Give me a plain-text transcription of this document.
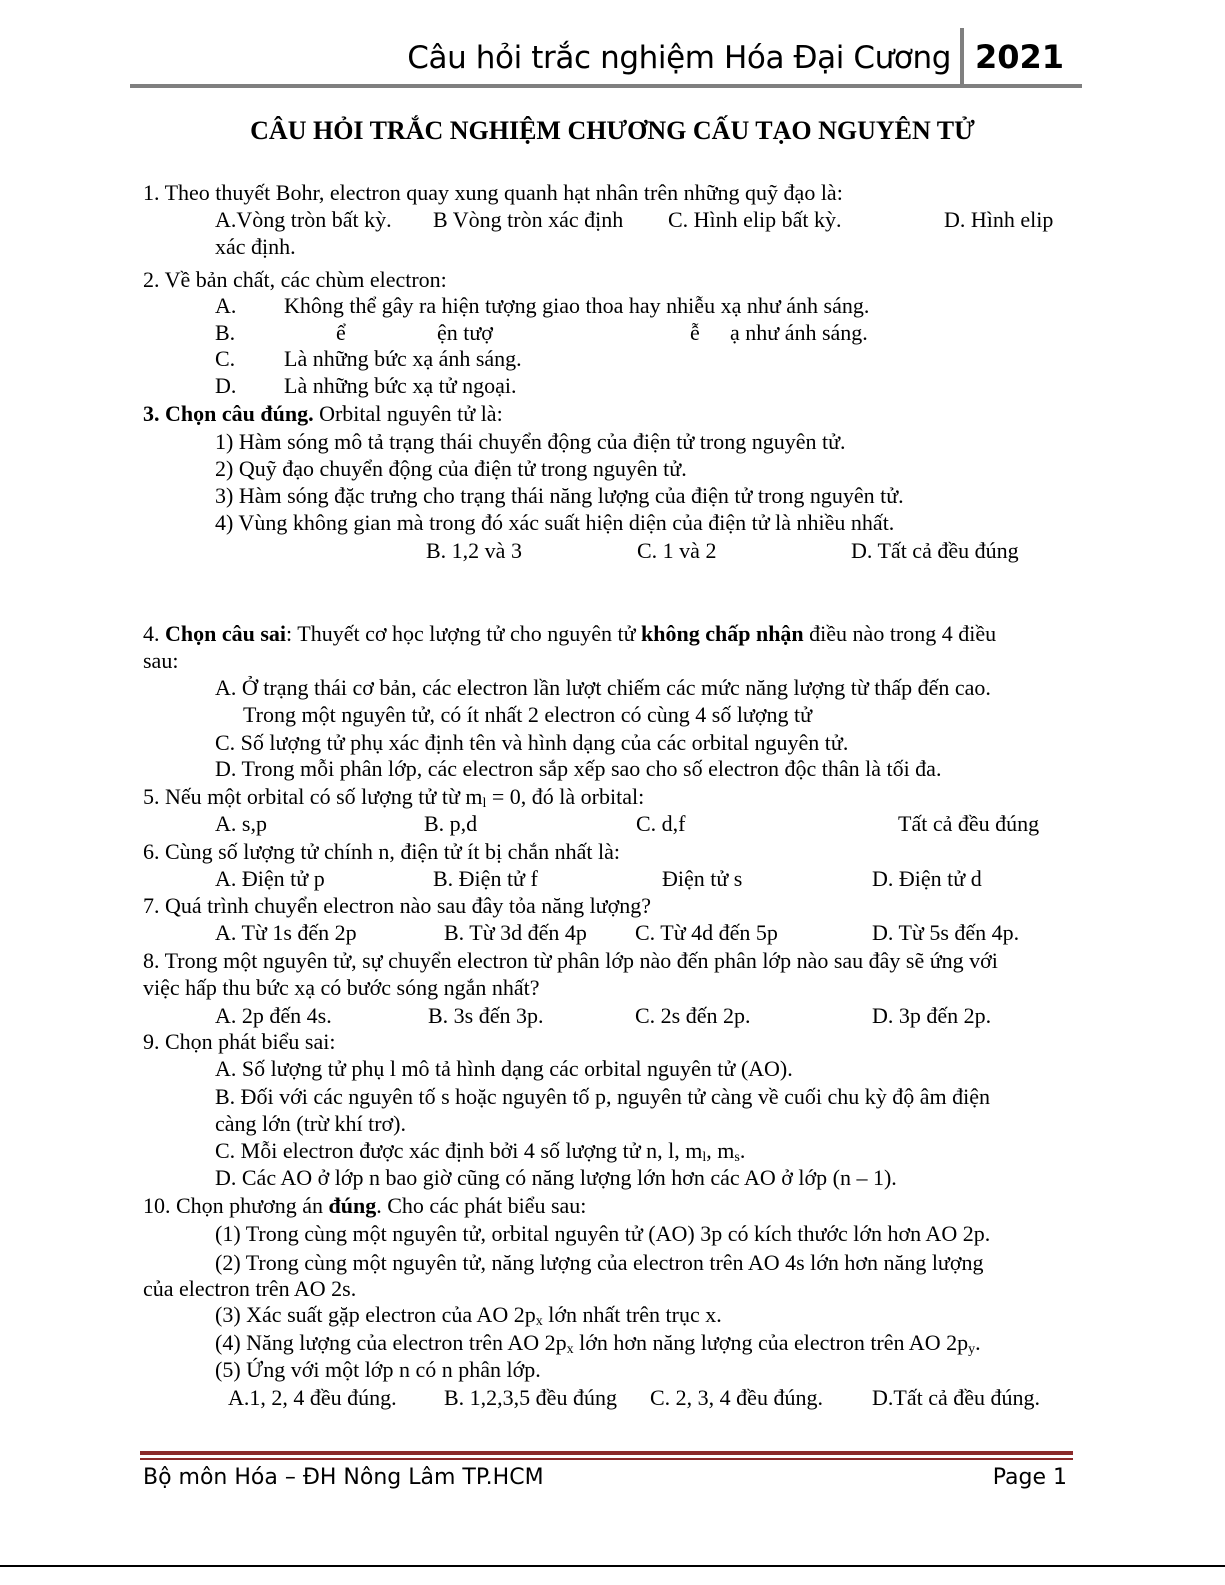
Câu hỏi trắc nghiệm Hóa Đại Cương 2021
CÂU HỎI TRẮC NGHIỆM CHƯƠNG CẤU TẠO NGUYÊN TỬ
1. Theo thuyết Bohr, electron quay xung quanh hạt nhân trên những quỹ đạo là:
A.Vòng tròn bất kỳ. B Vòng tròn xác định C. Hình elip bất kỳ.	D. Hình elip
xác định.
2. Về bản chất, các chùm electron:
A. Không thể gây ra hiện tượng giao thoa hay nhiễu xạ như ánh sáng.
B.	ể	ện tượ	ễ ạ như ánh sáng.
C. Là những bức xạ ánh sáng.
D. Là những bức xạ tử ngoại.
3. Chọn câu đúng. Orbital nguyên tử là:
1) Hàm sóng mô tả trạng thái chuyển động của điện tử trong nguyên tử.
2) Quỹ đạo chuyển động của điện tử trong nguyên tử.
3) Hàm sóng đặc trưng cho trạng thái năng lượng của điện tử trong nguyên tử.
4) Vùng không gian mà trong đó xác suất hiện diện của điện tử là nhiều nhất.
B. 1,2 và 3	C. 1 và 2	D. Tất cả đều đúng
4. Chọn câu sai: Thuyết cơ học lượng tử cho nguyên tử không chấp nhận điều nào trong 4 điều
sau:
A. Ở trạng thái cơ bản, các electron lần lượt chiếm các mức năng lượng từ thấp đến cao.
Trong một nguyên tử, có ít nhất 2 electron có cùng 4 số lượng tử
C. Số lượng tử phụ xác định tên và hình dạng của các orbital nguyên tử.
D. Trong mỗi phân lớp, các electron sắp xếp sao cho số electron độc thân là tối đa.
5. Nếu một orbital có số lượng tử từ $m_l = 0$, đó là orbital:
A. s,p	B. p,d	C. d,f	Tất cả đều đúng
6. Cùng số lượng tử chính n, điện tử ít bị chắn nhất là:
A. Điện tử p	B. Điện tử f	Điện tử s	D. Điện tử d
7. Quá trình chuyển electron nào sau đây tỏa năng lượng?
A. Từ 1s đến 2p	B. Từ 3d đến 4p C. Từ 4d đến 5p	D. Từ 5s đến 4p.
8. Trong một nguyên tử, sự chuyển electron từ phân lớp nào đến phân lớp nào sau đây sẽ ứng với
việc hấp thu bức xạ có bước sóng ngắn nhất?
A. 2p đến 4s.	B. 3s đến 3p.	C. 2s đến 2p.	D. 3p đến 2p.
9. Chọn phát biểu sai:
A. Số lượng tử phụ l mô tả hình dạng các orbital nguyên tử (AO).
B. Đối với các nguyên tố s hoặc nguyên tố p, nguyên tử càng về cuối chu kỳ độ âm điện
càng lớn (trừ khí trơ).
C. Mỗi electron được xác định bởi 4 số lượng tử n, l, $m_l$, $m_s$.
D. Các AO ở lớp n bao giờ cũng có năng lượng lớn hơn các AO ở lớp (n – 1).
10. Chọn phương án đúng. Cho các phát biểu sau:
(1) Trong cùng một nguyên tử, orbital nguyên tử (AO) 3p có kích thước lớn hơn AO 2p.
(2) Trong cùng một nguyên tử, năng lượng của electron trên AO 4s lớn hơn năng lượng
của electron trên AO 2s.
(3) Xác suất gặp electron của AO $2p_x$ lớn nhất trên trục x.
(4) Năng lượng của electron trên AO $2p_x$ lớn hơn năng lượng của electron trên AO $2p_y$.
(5) Ứng với một lớp n có n phân lớp.
A.1, 2, 4 đều đúng. B. 1,2,3,5 đều đúng C. 2, 3, 4 đều đúng. D.Tất cả đều đúng.
Bộ môn Hóa – ĐH Nông Lâm TP.HCM	Page 1
